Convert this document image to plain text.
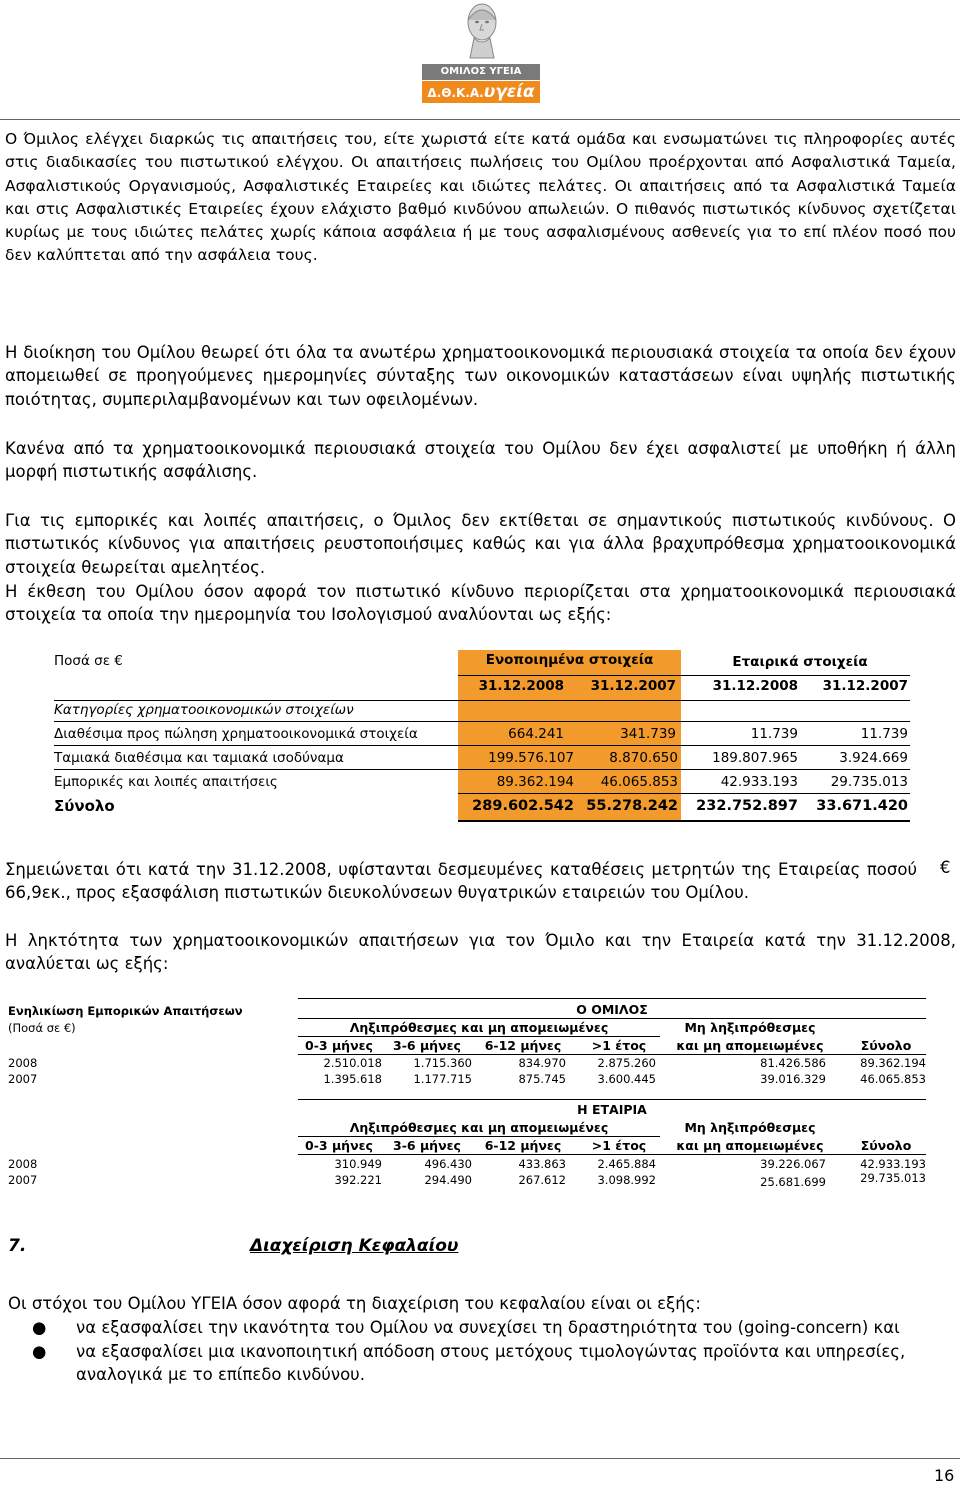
ΟΜΙΛΟΣ ΥΓΕΙΑ
Δ.Θ.Κ.Α.υγεία

Ο Όμιλος ελέγχει διαρκώς τις απαιτήσεις του, είτε χωριστά είτε κατά ομάδα και ενσωματώνει τις πληροφορίες αυτές στις διαδικασίες του πιστωτικού ελέγχου. Οι απαιτήσεις πωλήσεις του Ομίλου προέρχονται από Ασφαλιστικά Ταμεία, Ασφαλιστικούς Οργανισμούς, Ασφαλιστικές Εταιρείες και ιδιώτες πελάτες. Οι απαιτήσεις από τα Ασφαλιστικά Ταμεία και στις Ασφαλιστικές Εταιρείες έχουν ελάχιστο βαθμό κινδύνου απωλειών. Ο πιθανός πιστωτικός κίνδυνος σχετίζεται κυρίως με τους ιδιώτες πελάτες χωρίς κάποια ασφάλεια ή με τους ασφαλισμένους ασθενείς για το επί πλέον ποσό που δεν καλύπτεται από την ασφάλεια τους.

Η διοίκηση του Ομίλου θεωρεί ότι όλα τα ανωτέρω χρηματοοικονομικά περιουσιακά στοιχεία τα οποία δεν έχουν απομειωθεί σε προηγούμενες ημερομηνίες σύνταξης των οικονομικών καταστάσεων είναι υψηλής πιστωτικής ποιότητας, συμπεριλαμβανομένων και των οφειλομένων.

Κανένα από τα χρηματοοικονομικά περιουσιακά στοιχεία του Ομίλου δεν έχει ασφαλιστεί με υποθήκη ή άλλη μορφή πιστωτικής ασφάλισης.

Για τις εμπορικές και λοιπές απαιτήσεις, ο Όμιλος δεν εκτίθεται σε σημαντικούς πιστωτικούς κινδύνους. Ο πιστωτικός κίνδυνος για απαιτήσεις ρευστοποιήσιμες καθώς και για άλλα βραχυπρόθεσμα χρηματοοικονομικά στοιχεία θεωρείται αμελητέος.

Η έκθεση του Ομίλου όσον αφορά τον πιστωτικό κίνδυνο περιορίζεται στα χρηματοοικονομικά περιουσιακά στοιχεία τα οποία την ημερομηνία του Ισολογισμού αναλύονται ως εξής:

Ποσά σε €	Ενοποιημένα στοιχεία	Εταιρικά στοιχεία
31.12.2008	31.12.2007	31.12.2008	31.12.2007
Κατηγορίες χρηματοοικονομικών στοιχείων
Διαθέσιμα προς πώληση χρηματοοικονομικά στοιχεία	664.241	341.739	11.739	11.739
Ταμιακά διαθέσιμα και ταμιακά ισοδύναμα	199.576.107	8.870.650	189.807.965	3.924.669
Εμπορικές και λοιπές απαιτήσεις	89.362.194	46.065.853	42.933.193	29.735.013
Σύνολο	289.602.542 55.278.242	232.752.897	33.671.420

Σημειώνεται ότι κατά την 31.12.2008, υφίστανται δεσμευμένες καταθέσεις μετρητών της Εταιρείας ποσού 66,9εκ., προς εξασφάλιση πιστωτικών διευκολύνσεων θυγατρικών εταιρειών του Ομίλου.

€

Η ληκτότητα των χρηματοοικονομικών απαιτήσεων για τον Όμιλο και την Εταιρεία κατά την 31.12.2008, αναλύεται ως εξής:

Ενηλικίωση Εμπορικών Απαιτήσεων
(Ποσά σε €)
Ο ΟΜΙΛΟΣ
Ληξιπρόθεσμες και μη απομειωμένες	Μη ληξιπρόθεσμες
και μη απομειωμένες
0-3 μήνες	3-6 μήνες	6-12 μήνες	>1 έτος	Σύνολο
2008	2.510.018	1.715.360	834.970	2.875.260	81.426.586	89.362.194
2007	1.395.618	1.177.715	875.745	3.600.445	39.016.329	46.065.853
Η ΕΤΑΙΡΙΑ
Ληξιπρόθεσμες και μη απομειωμένες	Μη ληξιπρόθεσμες
και μη απομειωμένες
0-3 μήνες	3-6 μήνες	6-12 μήνες	>1 έτος	Σύνολο
2008	310.949	496.430	433.863	2.465.884	39.226.067	42.933.193
2007	392.221	294.490	267.612	3.098.992	25.681.699	29.735.013
7.	Διαχείριση Κεφαλαίου
Οι στόχοι του Ομίλου ΥΓΕΙΑ όσον αφορά τη διαχείριση του κεφαλαίου είναι οι εξής:
● να εξασφαλίσει την ικανότητα του Ομίλου να συνεχίσει τη δραστηριότητα του (going-concern) και
● να εξασφαλίσει μια ικανοποιητική απόδοση στους μετόχους τιμολογώντας προϊόντα και υπηρεσίες, αναλογικά με το επίπεδο κινδύνου.
16
